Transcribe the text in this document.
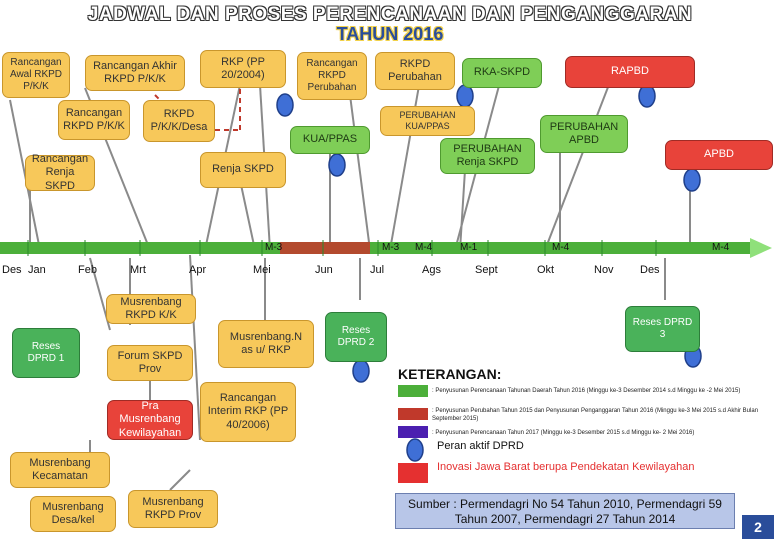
JADWAL DAN PROSES PERENCANAAN DAN PENGANGGARAN
TAHUN 2016
Rancangan Awal RKPD P/K/K
Rancangan Akhir RKPD P/K/K
RKP (PP 20/2004)
Rancangan RKPD Perubahan
RKPD Perubahan	RKA-SKPD	RAPBD
Rancangan RKPD P/K/K
RKPD P/K/K/Desa
PERUBAHAN KUA/PPAS
KUA/PPAS
PERUBAHAN APBD
Rancangan Renja SKPD
Renja SKPD
PERUBAHAN Renja SKPD
APBD
M-3	M-3 M-4	M-1	M-4	M-4
Des Jan	Feb	Mrt	Apr	Mei	Jun	Jul	Ags	Sept	Okt	Nov Des
Musrenbang RKPD K/K
Reses DPRD 1	Forum SKPD Prov
Musrenbang.N as u/ RKP
Reses DPRD 2
Reses DPRD 3
Rancangan Interim RKP (PP 40/2006)
Pra Musrenbang Kewilayahan
Musrenbang Kecamatan
Musrenbang Desa/kel
Musrenbang RKPD Prov
KETERANGAN:
: Penyusunan Perencanaan Tahunan Daerah Tahun 2016 (Minggu ke-3 Desember 2014 s.d Minggu ke -2 Mei 2015)
: Penyusunan Perubahan Tahun 2015 dan Penyusunan Penganggaran Tahun 2016 (Minggu ke-3 Mei 2015 s.d Akhir Bulan September 2015)
: Penyusunan Perencanaan Tahun 2017 (Minggu ke-3 Desember 2015 s.d Minggu ke- 2 Mei 2016)
Peran aktif DPRD
Inovasi Jawa Barat berupa Pendekatan Kewilayahan
Sumber : Permendagri No 54 Tahun 2010, Permendagri 59 Tahun 2007, Permendagri 27 Tahun 2014	2
